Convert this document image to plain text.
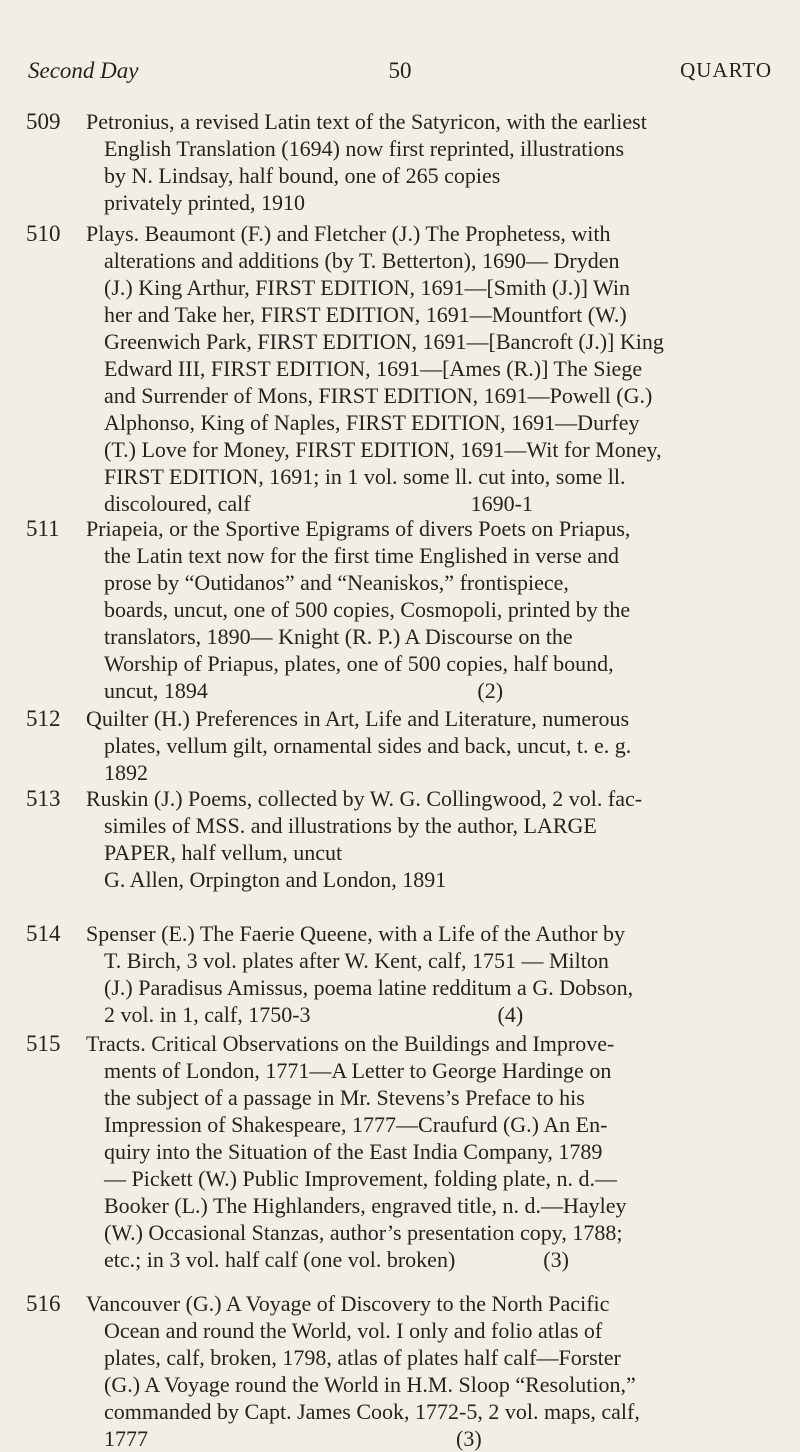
Second Day	50	QUARTO
509 Petronius, a revised Latin text of the Satyricon, with the earliest
English Translation (1694) now first reprinted, illustrations
by N. Lindsay, half bound, one of 265 copies
privately printed, 1910
510 Plays. Beaumont (F.) and Fletcher (J.) The Prophetess, with
alterations and additions (by T. Betterton), 1690— Dryden
(J.) King Arthur, FIRST EDITION, 1691—[Smith (J.)] Win
her and Take her, FIRST EDITION, 1691—Mountfort (W.)
Greenwich Park, FIRST EDITION, 1691—[Bancroft (J.)] King
Edward III, FIRST EDITION, 1691—[Ames (R.)] The Siege
and Surrender of Mons, FIRST EDITION, 1691—Powell (G.)
Alphonso, King of Naples, FIRST EDITION, 1691—Durfey
(T.) Love for Money, FIRST EDITION, 1691—Wit for Money,
FIRST EDITION, 1691; in 1 vol. some ll. cut into, some ll.
discoloured, calf                                        1690-1
511 Priapeia, or the Sportive Epigrams of divers Poets on Priapus,
the Latin text now for the first time Englished in verse and
prose by “Outidanos” and “Neaniskos,” frontispiece,
boards, uncut, one of 500 copies, Cosmopoli, printed by the
translators, 1890— Knight (R. P.) A Discourse on the
Worship of Priapus, plates, one of 500 copies, half bound,
uncut, 1894                                                 (2)
512 Quilter (H.) Preferences in Art, Life and Literature, numerous
plates, vellum gilt, ornamental sides and back, uncut, t. e. g.
1892
513 Ruskin (J.) Poems, collected by W. G. Collingwood, 2 vol. fac-
similes of MSS. and illustrations by the author, LARGE
PAPER, half vellum, uncut
G. Allen, Orpington and London, 1891
514 Spenser (E.) The Faerie Queene, with a Life of the Author by
T. Birch, 3 vol. plates after W. Kent, calf, 1751 — Milton
(J.) Paradisus Amissus, poema latine redditum a G. Dobson,
2 vol. in 1, calf, 1750-3                                  (4)
515 Tracts. Critical Observations on the Buildings and Improve-
ments of London, 1771—A Letter to George Hardinge on
the subject of a passage in Mr. Stevens’s Preface to his
Impression of Shakespeare, 1777—Craufurd (G.) An En-
quiry into the Situation of the East India Company, 1789
— Pickett (W.) Public Improvement, folding plate, n. d.—
Booker (L.) The Highlanders, engraved title, n. d.—Hayley
(W.) Occasional Stanzas, author’s presentation copy, 1788;
etc.; in 3 vol. half calf (one vol. broken)                (3)
516 Vancouver (G.) A Voyage of Discovery to the North Pacific
Ocean and round the World, vol. I only and folio atlas of
plates, calf, broken, 1798, atlas of plates half calf—Forster
(G.) A Voyage round the World in H.M. Sloop “Resolution,”
commanded by Capt. James Cook, 1772-5, 2 vol. maps, calf,
1777                                                        (3)
